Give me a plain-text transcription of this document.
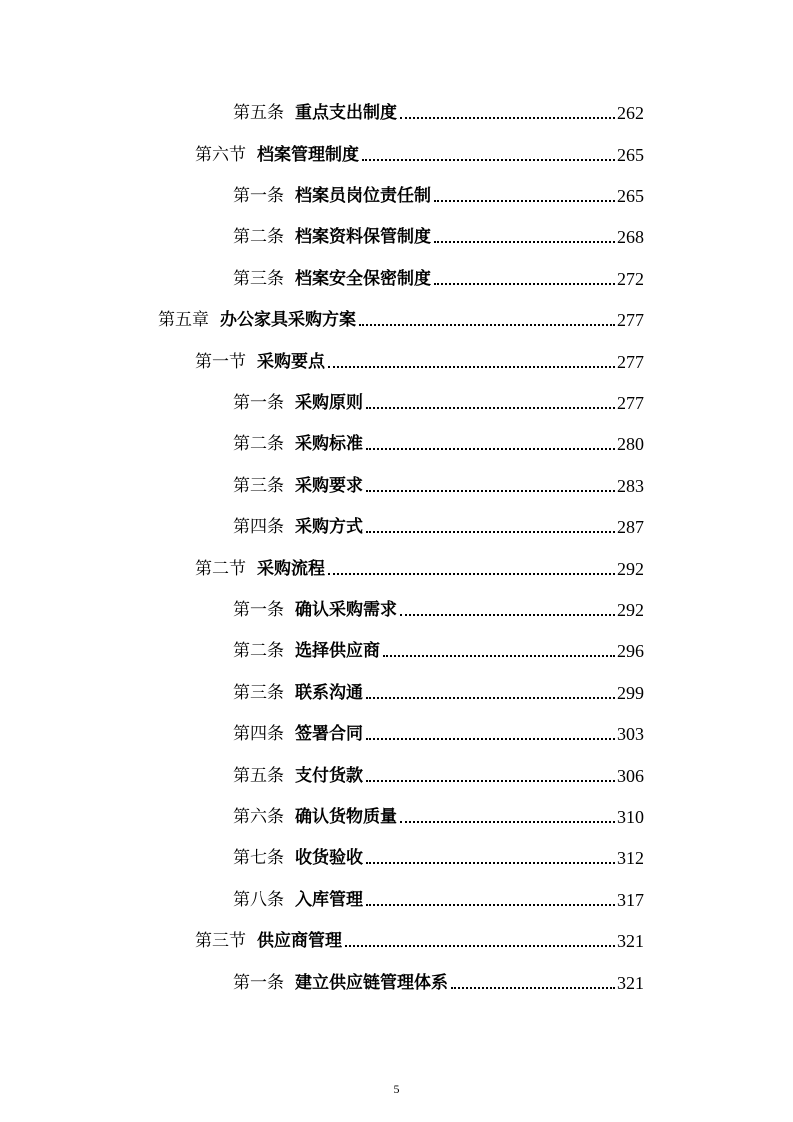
第五条 重点支出制度	262
第六节 档案管理制度	265
第一条 档案员岗位责任制	265
第二条 档案资料保管制度	268
第三条 档案安全保密制度	272
第五章 办公家具采购方案	277
第一节 采购要点	277
第一条 采购原则	277
第二条 采购标准	280
第三条 采购要求	283
第四条 采购方式	287
第二节 采购流程	292
第一条 确认采购需求	292
第二条 选择供应商	296
第三条 联系沟通	299
第四条 签署合同	303
第五条 支付货款	306
第六条 确认货物质量	310
第七条 收货验收	312
第八条 入库管理	317
第三节 供应商管理	321
第一条 建立供应链管理体系	321
5
